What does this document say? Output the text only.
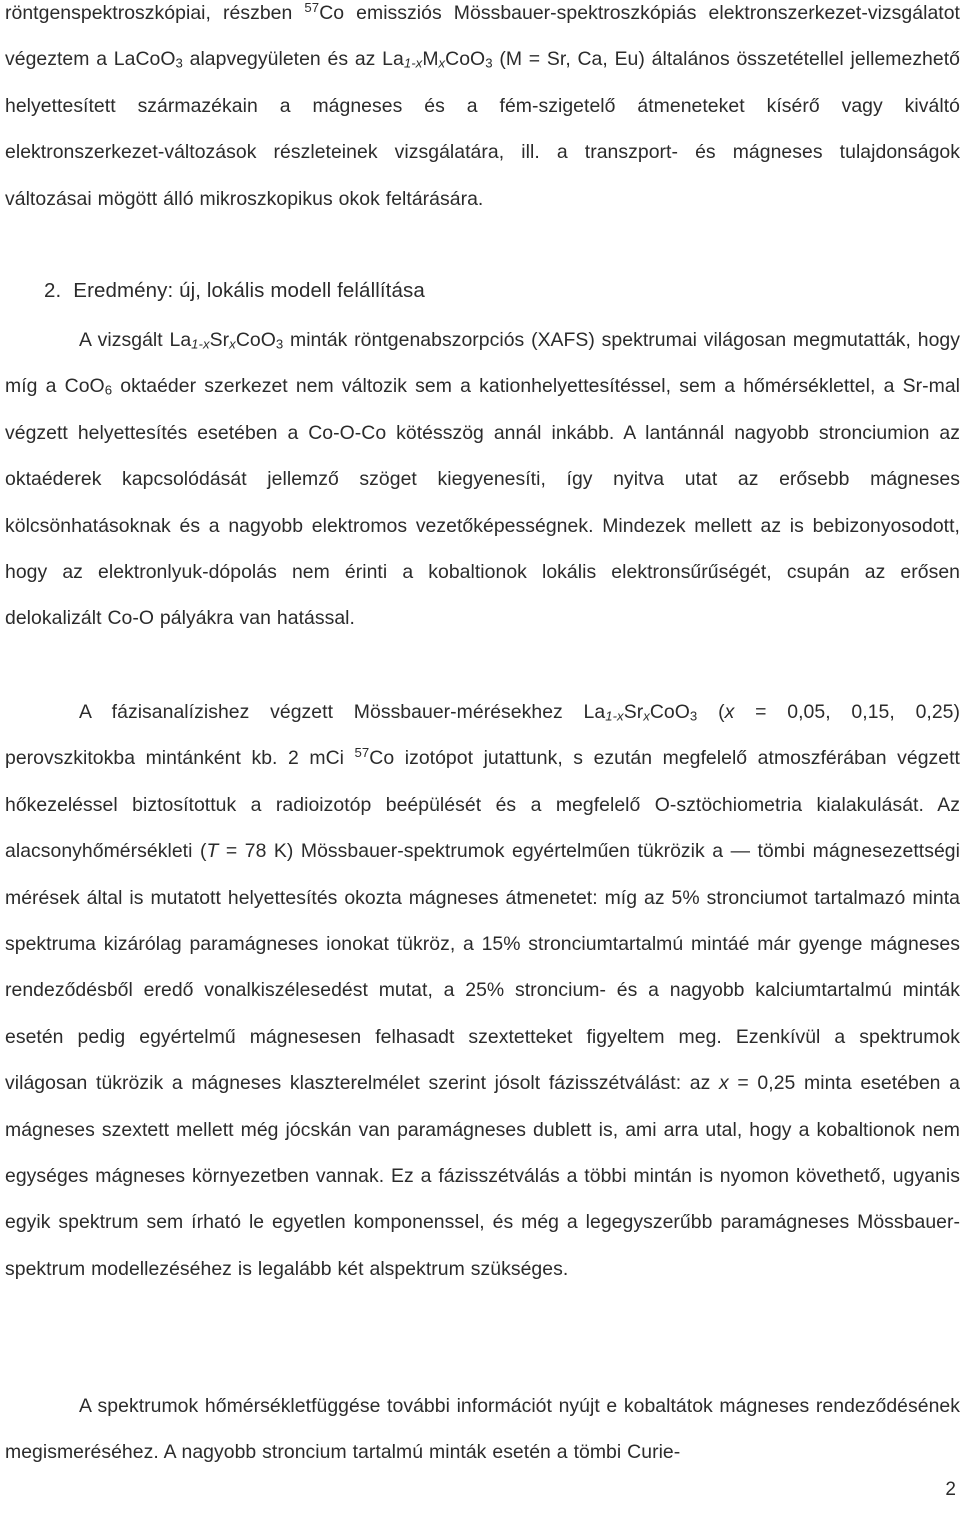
röntgenspektroszkópiai, részben $^{57}$Co emissziós Mössbauer-spektroszkópiás elektronszerkezet-vizsgálatot végeztem a LaCoO$_3$ alapvegyületen és az $La_{1-x}M_xCoO_3$ (M = Sr, Ca, Eu) általános összetétellel jellemezhető helyettesített származékain a mágneses és a fém-szigetelő átmeneteket kísérő vagy kiváltó elektronszerkezet-változások részleteinek vizsgálatára, ill. a transzport- és mágneses tulajdonságok változásai mögött álló mikroszkopikus okok feltárására.

2. Eredmény: új, lokális modell felállítása

A vizsgált $La_{1-x}Sr_xCoO_3$ minták röntgenabszorpciós (XAFS) spektrumai világosan megmutatták, hogy míg a CoO$_6$ oktaéder szerkezet nem változik sem a kationhelyettesítéssel, sem a hőmérséklettel, a Sr-mal végzett helyettesítés esetében a Co-O-Co kötésszög annál inkább. A lantánnál nagyobb stronciumion az oktaéderek kapcsolódását jellemző szöget kiegyenesíti, így nyitva utat az erősebb mágneses kölcsönhatásoknak és a nagyobb elektromos vezetőképességnek. Mindezek mellett az is bebizonyosodott, hogy az elektronlyuk-dópolás nem érinti a kobaltionok lokális elektronsűrűségét, csupán az erősen delokalizált Co-O pályákra van hatással.

A fázisanalízishez végzett Mössbauer-mérésekhez $La_{1-x}Sr_xCoO_3$ (x = 0,05, 0,15, 0,25) perovszkitokba mintánként kb. 2 mCi $^{57}$Co izotópot jutattunk, s ezután megfelelő atmoszférában végzett hőkezeléssel biztosítottuk a radioizotóp beépülését és a megfelelő O-sztöchiometria kialakulását. Az alacsonyhőmérsékleti (T = 78 K) Mössbauer-spektrumok egyértelműen tükrözik a — tömbi mágnesezettségi mérések által is mutatott helyettesítés okozta mágneses átmenetet: míg az 5% stronciumot tartalmazó minta spektruma kizárólag paramágneses ionokat tükröz, a 15% stronciumtartalmú mintáé már gyenge mágneses rendeződésből eredő vonalkiszélesedést mutat, a 25% stroncium- és a nagyobb kalciumtartalmú minták esetén pedig egyértelmű mágnesesen felhasadt szextetteket figyeltem meg. Ezenkívül a spektrumok világosan tükrözik a mágneses klaszterelmélet szerint jósolt fázisszétválást: az x = 0,25 minta esetében a mágneses szextett mellett még jócskán van paramágneses dublett is, ami arra utal, hogy a kobaltionok nem egységes mágneses környezetben vannak. Ez a fázisszétválás a többi mintán is nyomon követhető, ugyanis egyik spektrum sem írható le egyetlen komponenssel, és még a legegyszerűbb paramágneses Mössbauer-spektrum modellezéséhez is legalább két alspektrum szükséges.

A spektrumok hőmérsékletfüggése további információt nyújt e kobaltátok mágneses rendeződésének megismeréséhez. A nagyobb stroncium tartalmú minták esetén a tömbi Curie-

2
